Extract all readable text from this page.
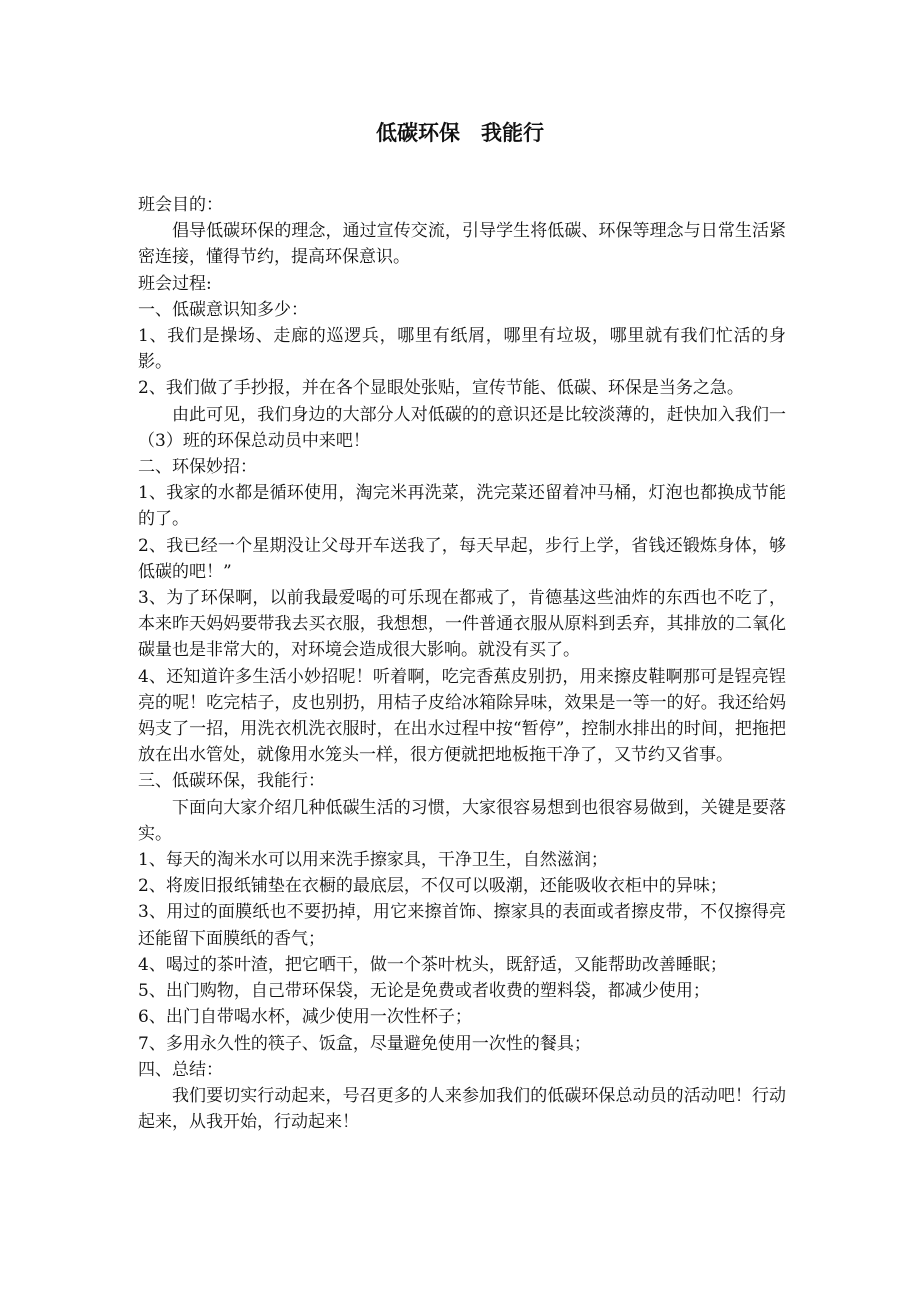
低碳环保　我能行

班会目的：

倡导低碳环保的理念，通过宣传交流，引导学生将低碳、环保等理念与日常生活紧密连接，懂得节约，提高环保意识。

班会过程:

一、低碳意识知多少：

1、我们是操场、走廊的巡逻兵，哪里有纸屑，哪里有垃圾，哪里就有我们忙活的身影。

2、我们做了手抄报，并在各个显眼处张贴，宣传节能、低碳、环保是当务之急。

由此可见，我们身边的大部分人对低碳的的意识还是比较淡薄的，赶快加入我们一（3）班的环保总动员中来吧！

二、环保妙招：

1、我家的水都是循环使用，淘完米再洗菜，洗完菜还留着冲马桶，灯泡也都换成节能的了。

2、我已经一个星期没让父母开车送我了，每天早起，步行上学，省钱还锻炼身体，够低碳的吧！”

3、为了环保啊，以前我最爱喝的可乐现在都戒了，肯德基这些油炸的东西也不吃了，本来昨天妈妈要带我去买衣服，我想想，一件普通衣服从原料到丢弃，其排放的二氧化碳量也是非常大的，对环境会造成很大影响。就没有买了。

4、还知道许多生活小妙招呢！听着啊，吃完香蕉皮别扔，用来擦皮鞋啊那可是锃亮锃亮的呢！吃完桔子，皮也别扔，用桔子皮给冰箱除异味，效果是一等一的好。我还给妈妈支了一招，用洗衣机洗衣服时，在出水过程中按“暂停”，控制水排出的时间，把拖把放在出水管处，就像用水笼头一样，很方便就把地板拖干净了，又节约又省事。

三、低碳环保，我能行：

下面向大家介绍几种低碳生活的习惯，大家很容易想到也很容易做到，关键是要落实。

1、每天的淘米水可以用来洗手擦家具，干净卫生，自然滋润；

2、将废旧报纸铺垫在衣橱的最底层，不仅可以吸潮，还能吸收衣柜中的异味；

3、用过的面膜纸也不要扔掉，用它来擦首饰、擦家具的表面或者擦皮带，不仅擦得亮还能留下面膜纸的香气；

4、喝过的茶叶渣，把它晒干，做一个茶叶枕头，既舒适，又能帮助改善睡眠；

5、出门购物，自己带环保袋，无论是免费或者收费的塑料袋，都减少使用；

6、出门自带喝水杯，减少使用一次性杯子；

7、多用永久性的筷子、饭盒，尽量避免使用一次性的餐具；

四、总结：

我们要切实行动起来，号召更多的人来参加我们的低碳环保总动员的活动吧！行动起来，从我开始，行动起来！
